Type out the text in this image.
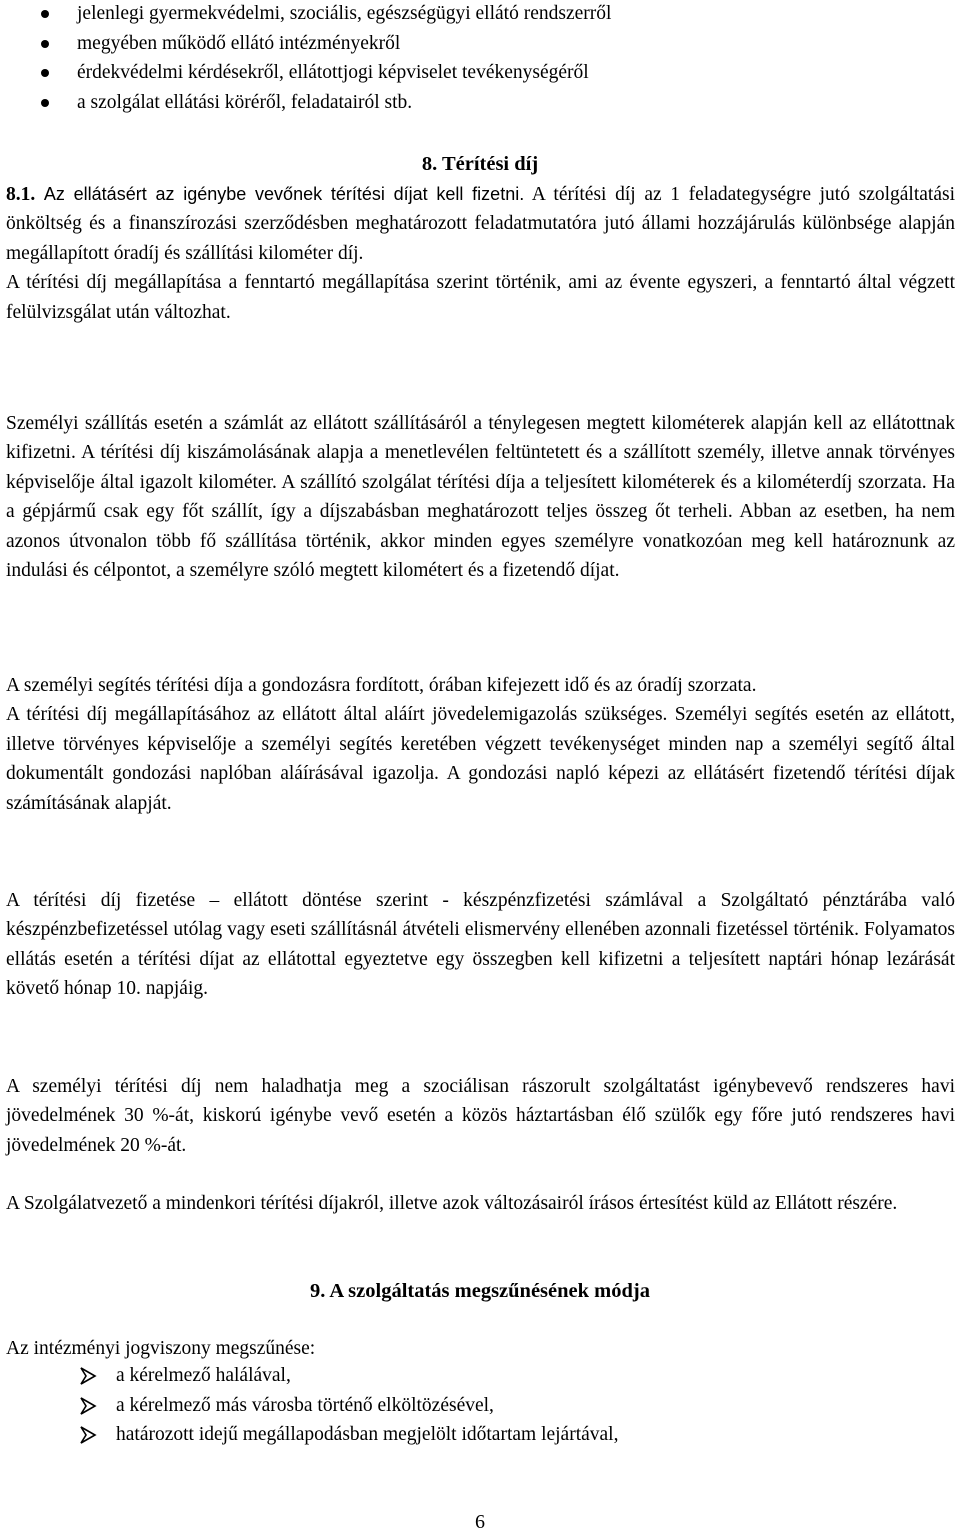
jelenlegi gyermekvédelmi, szociális, egészségügyi ellátó rendszerről
megyében működő ellátó intézményekről
érdekvédelmi kérdésekről, ellátottjogi képviselet tevékenységéről
a szolgálat ellátási köréről, feladatairól stb.
8. Térítési díj

8.1. Az ellátásért az igénybe vevőnek térítési díjat kell fizetni. A térítési díj az 1 feladategységre jutó szolgáltatási önköltség és a finanszírozási szerződésben meghatározott feladatmutatóra jutó állami hozzájárulás különbsége alapján megállapított óradíj és szállítási kilométer díj.

A térítési díj megállapítása a fenntartó megállapítása szerint történik, ami az évente egyszeri, a fenntartó által végzett felülvizsgálat után változhat.

Személyi szállítás esetén a számlát az ellátott szállításáról a ténylegesen megtett kilométerek alapján kell az ellátottnak kifizetni. A térítési díj kiszámolásának alapja a menetlevélen feltüntetett és a szállított személy, illetve annak törvényes képviselője által igazolt kilométer. A szállító szolgálat térítési díja a teljesített kilométerek és a kilométerdíj szorzata. Ha a gépjármű csak egy főt szállít, így a díjszabásban meghatározott teljes összeg őt terheli. Abban az esetben, ha nem azonos útvonalon több fő szállítása történik, akkor minden egyes személyre vonatkozóan meg kell határoznunk az indulási és célpontot, a személyre szóló megtett kilométert és a fizetendő díjat.

A személyi segítés térítési díja a gondozásra fordított, órában kifejezett idő és az óradíj szorzata.

A térítési díj megállapításához az ellátott által aláírt jövedelemigazolás szükséges. Személyi segítés esetén az ellátott, illetve törvényes képviselője a személyi segítés keretében végzett tevékenységet minden nap a személyi segítő által dokumentált gondozási naplóban aláírásával igazolja. A gondozási napló képezi az ellátásért fizetendő térítési díjak számításának alapját.

A térítési díj fizetése – ellátott döntése szerint - készpénzfizetési számlával a Szolgáltató pénztárába való készpénzbefizetéssel utólag vagy eseti szállításnál átvételi elismervény ellenében azonnali fizetéssel történik. Folyamatos ellátás esetén a térítési díjat az ellátottal egyeztetve egy összegben kell kifizetni a teljesített naptári hónap lezárását követő hónap 10. napjáig.

A személyi térítési díj nem haladhatja meg a szociálisan rászorult szolgáltatást igénybevevő rendszeres havi jövedelmének 30 %-át, kiskorú igénybe vevő esetén a közös háztartásban élő szülők egy főre jutó rendszeres havi jövedelmének 20 %-át.

A Szolgálatvezető a mindenkori térítési díjakról, illetve azok változásairól írásos értesítést küld az Ellátott részére.

9. A szolgáltatás megszűnésének módja
Az intézményi jogviszony megszűnése:
a kérelmező halálával,
a kérelmező más városba történő elköltözésével,
határozott idejű megállapodásban megjelölt időtartam lejártával,
6
